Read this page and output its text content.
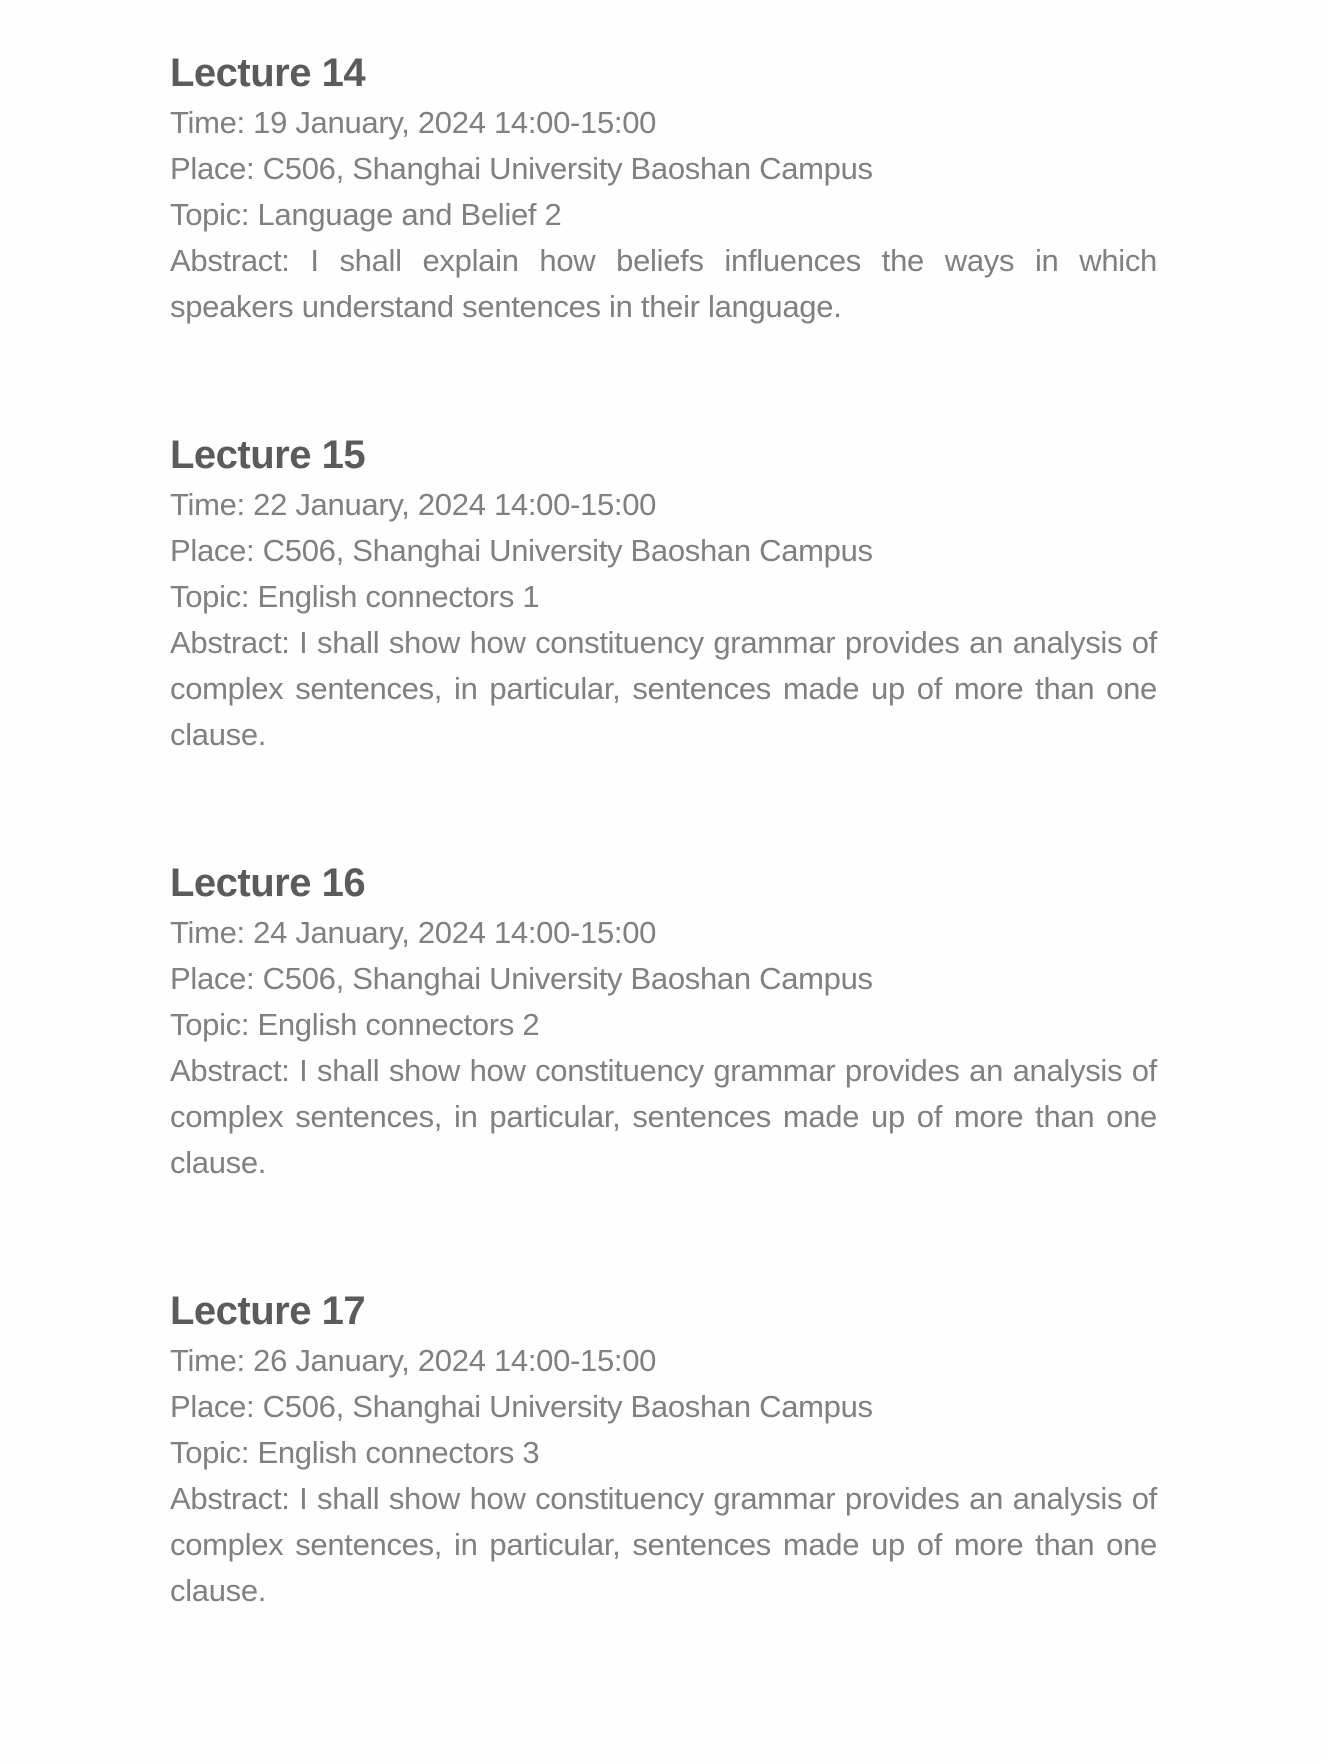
Lecture 14

Time: 19 January, 2024 14:00-15:00

Place: C506, Shanghai University Baoshan Campus

Topic: Language and Belief 2

Abstract: I shall explain how beliefs influences the ways in which speakers understand sentences in their language.

Lecture 15

Time: 22 January, 2024 14:00-15:00

Place: C506, Shanghai University Baoshan Campus

Topic: English connectors 1

Abstract: I shall show how constituency grammar provides an analysis of complex sentences, in particular, sentences made up of more than one clause.

Lecture 16

Time: 24 January, 2024 14:00-15:00

Place: C506, Shanghai University Baoshan Campus

Topic: English connectors 2

Abstract: I shall show how constituency grammar provides an analysis of complex sentences, in particular, sentences made up of more than one clause.

Lecture 17

Time: 26 January, 2024 14:00-15:00

Place: C506, Shanghai University Baoshan Campus

Topic: English connectors 3

Abstract: I shall show how constituency grammar provides an analysis of complex sentences, in particular, sentences made up of more than one clause.
